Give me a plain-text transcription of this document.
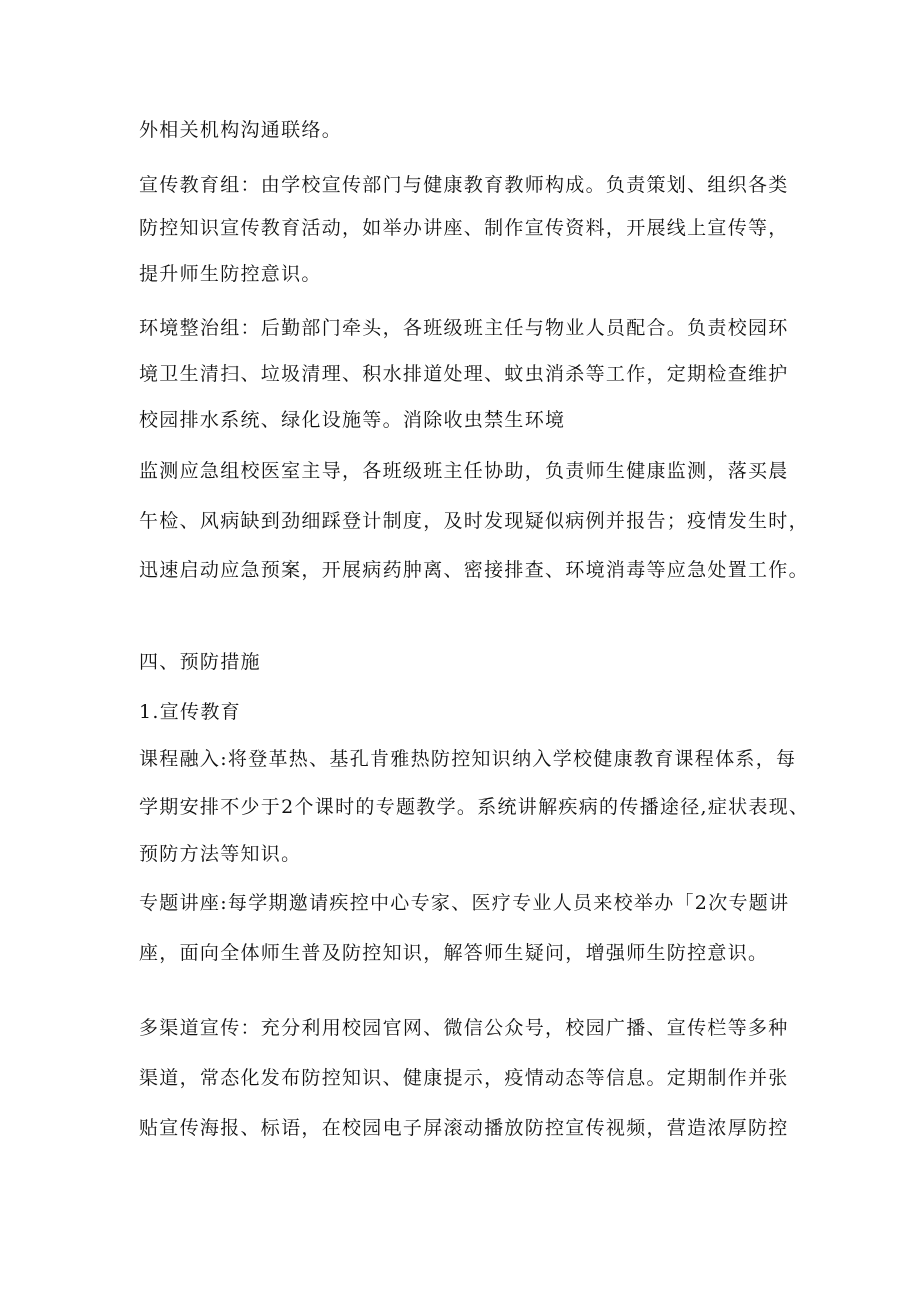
外相关机构沟通联络。
宣传教育组：由学校宣传部门与健康教育教师构成。负责策划、组织各类
防控知识宣传教育活动，如举办讲座、制作宣传资料，开展线上宣传等，
提升师生防控意识。
环境整治组：后勤部门牵头，各班级班主任与物业人员配合。负责校园环
境卫生清扫、垃圾清理、积水排道处理、蚊虫消杀等工作，定期检查维护
校园排水系统、绿化设施等。消除收虫禁生环境
监测应急组校医室主导，各班级班主任协助，负责师生健康监测，落买晨
午检、风病缺到劲细踩登计制度，及时发现疑似病例并报告；疫情发生时，
迅速启动应急预案，开展病药肿离、密接排查、环境消毒等应急处置工作。
四、预防措施
1.宣传教育
课程融入:将登革热、基孔肯雅热防控知识纳入学校健康教育课程体系，每
学期安排不少于2个课时的专题教学。系统讲解疾病的传播途径,症状表现、
预防方法等知识。
专题讲座:每学期邀请疾控中心专家、医疗专业人员来校举办「2次专题讲
座，面向全体师生普及防控知识，解答师生疑问，增强师生防控意识。
多渠道宣传：充分利用校园官网、微信公众号，校园广播、宣传栏等多种
渠道，常态化发布防控知识、健康提示，疫情动态等信息。定期制作并张
贴宣传海报、标语，在校园电子屏滚动播放防控宣传视频，营造浓厚防控
